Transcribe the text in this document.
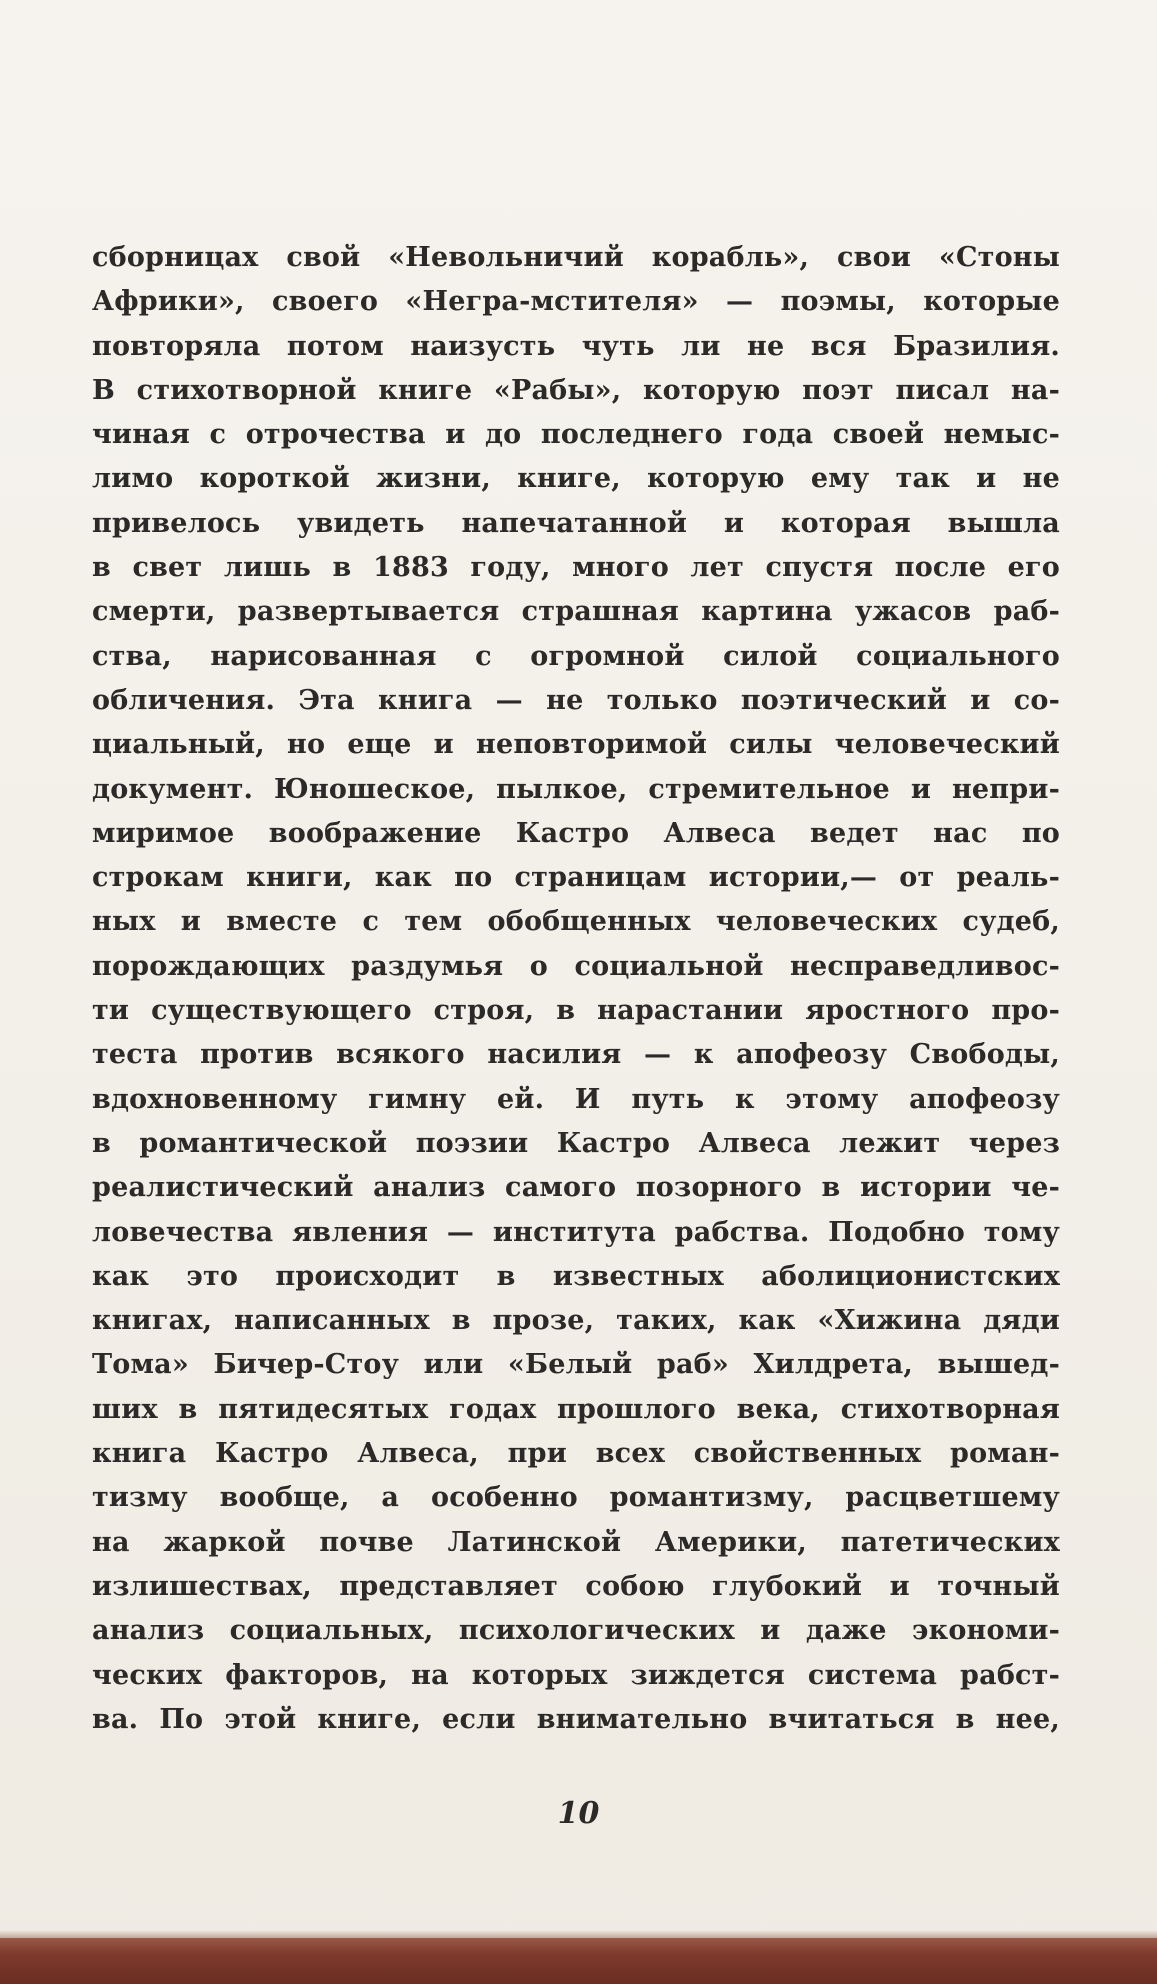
сборницах свой «Невольничий корабль», свои «Стоны
Африки», своего «Негра-мстителя» — поэмы, которые
повторяла потом наизусть чуть ли не вся Бразилия.
В стихотворной книге «Рабы», которую поэт писал на-
чиная с отрочества и до последнего года своей немыс-
лимо короткой жизни, книге, которую ему так и не
привелось увидеть напечатанной и которая вышла
в свет лишь в 1883 году, много лет спустя после его
смерти, развертывается страшная картина ужасов раб-
ства, нарисованная с огромной силой социального
обличения. Эта книга — не только поэтический и со-
циальный, но еще и неповторимой силы человеческий
документ. Юношеское, пылкое, стремительное и непри-
миримое воображение Кастро Алвеса ведет нас по
строкам книги, как по страницам истории,— от реаль-
ных и вместе с тем обобщенных человеческих судеб,
порождающих раздумья о социальной несправедливос-
ти существующего строя, в нарастании яростного про-
теста против всякого насилия — к апофеозу Свободы,
вдохновенному гимну ей. И путь к этому апофеозу
в романтической поэзии Кастро Алвеса лежит через
реалистический анализ самого позорного в истории че-
ловечества явления — института рабства. Подобно тому
как это происходит в известных аболиционистских
книгах, написанных в прозе, таких, как «Хижина дяди
Тома» Бичер-Стоу или «Белый раб» Хилдрета, вышед-
ших в пятидесятых годах прошлого века, стихотворная
книга Кастро Алвеса, при всех свойственных роман-
тизму вообще, а особенно романтизму, расцветшему
на жаркой почве Латинской Америки, патетических
излишествах, представляет собою глубокий и точный
анализ социальных, психологических и даже экономи-
ческих факторов, на которых зиждется система рабст-
ва. По этой книге, если внимательно вчитаться в нее,
10
